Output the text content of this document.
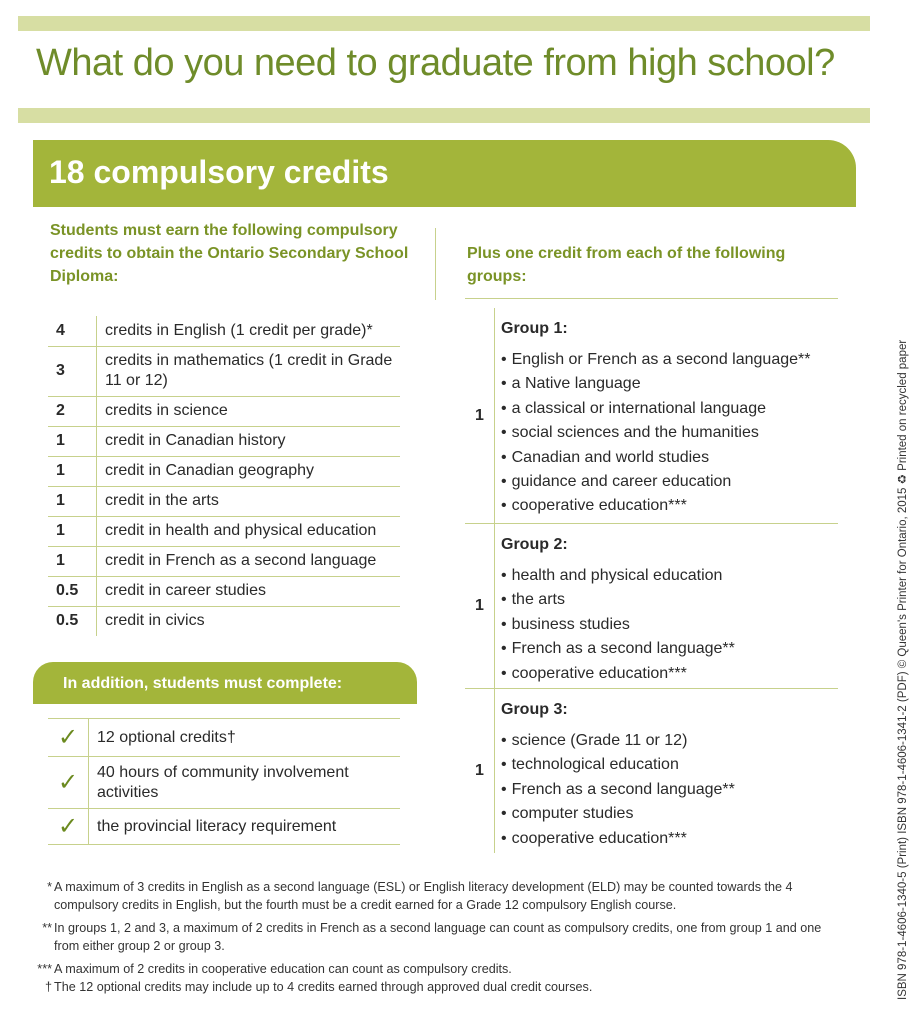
What do you need to graduate from high school?
18 compulsory credits

Students must earn the following compulsory credits to obtain the Ontario Secondary School Diploma:

Plus one credit from each of the following groups:

4	credits in English (1 credit per grade)*
3	credits in mathematics (1 credit in Grade 11 or 12)
2	credits in science
1	credit in Canadian history
1	credit in Canadian geography
1	credit in the arts
1	credit in health and physical education
1	credit in French as a second language
0.5	credit in career studies
0.5	credit in civics
In addition, students must complete:
✓	12 optional credits†
✓	40 hours of community involvement activities
✓	the provincial literacy requirement
1

Group 1:

• English or French as a second language**
• a Native language
• a classical or international language
• social sciences and the humanities
• Canadian and world studies
• guidance and career education
• cooperative education***
1

Group 2:

• health and physical education
• the arts
• business studies
• French as a second language**
• cooperative education***
1

Group 3:

• science (Grade 11 or 12)
• technological education
• French as a second language**
• computer studies
• cooperative education***

* A maximum of 3 credits in English as a second language (ESL) or English literacy development (ELD) may be counted towards the 4 compulsory credits in English, but the fourth must be a credit earned for a Grade 12 compulsory English course.

** In groups 1, 2 and 3, a maximum of 2 credits in French as a second language can count as compulsory credits, one from group 1 and one from either group 2 or group 3.

*** A maximum of 2 credits in cooperative education can count as compulsory credits.

† The 12 optional credits may include up to 4 credits earned through approved dual credit courses.	ISBN 978-1-4606-1340-5 (Print) ISBN 978-1-4606-1341-2 (PDF) © Queen's Printer for Ontario, 2015 ♻ Printed on recycled paper
